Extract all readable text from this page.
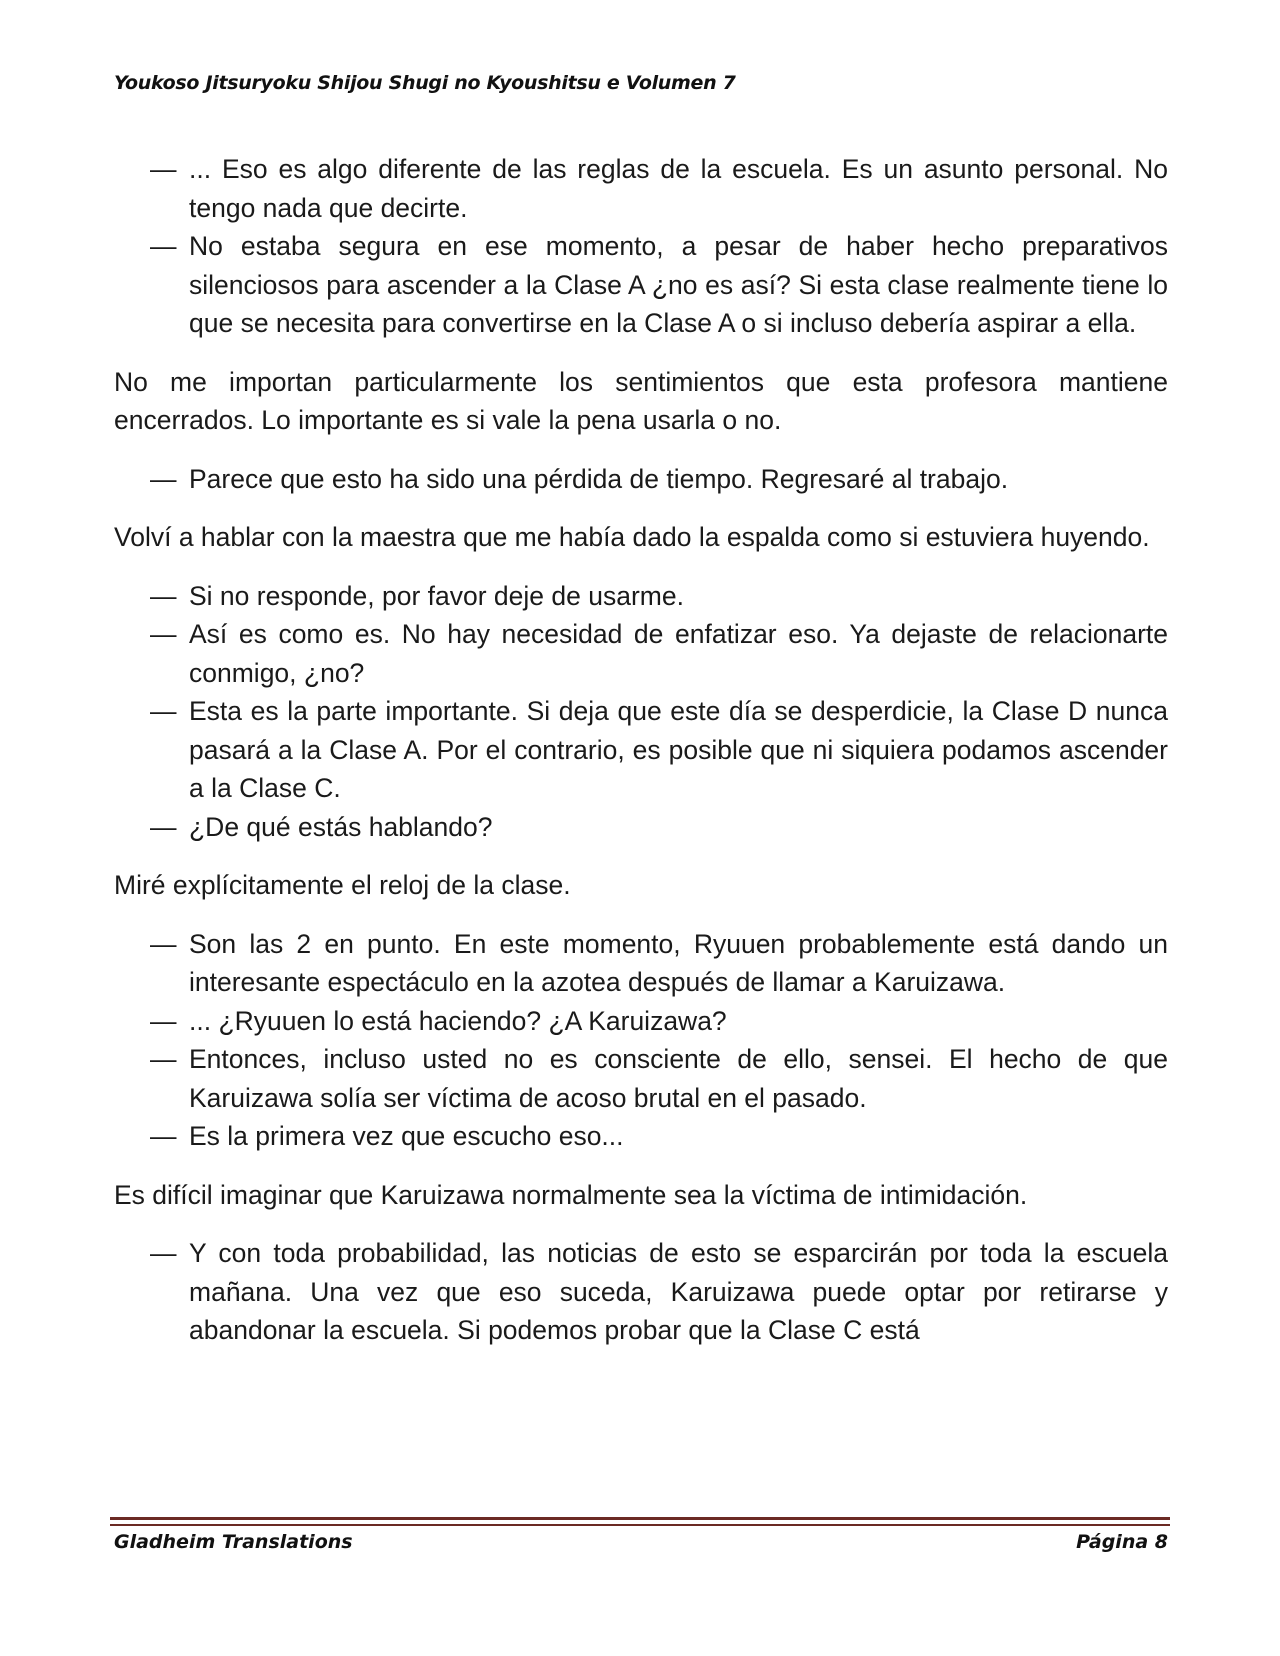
Youkoso Jitsuryoku Shijou Shugi no Kyoushitsu e Volumen 7

— ... Eso es algo diferente de las reglas de la escuela. Es un asunto personal. No tengo nada que decirte.

— No estaba segura en ese momento, a pesar de haber hecho preparativos silenciosos para ascender a la Clase A ¿no es así? Si esta clase realmente tiene lo que se necesita para convertirse en la Clase A o si incluso debería aspirar a ella.

No me importan particularmente los sentimientos que esta profesora mantiene encerrados. Lo importante es si vale la pena usarla o no.

— Parece que esto ha sido una pérdida de tiempo. Regresaré al trabajo.

Volví a hablar con la maestra que me había dado la espalda como si estuviera huyendo.

— Si no responde, por favor deje de usarme.

— Así es como es. No hay necesidad de enfatizar eso. Ya dejaste de relacionarte conmigo, ¿no?

— Esta es la parte importante. Si deja que este día se desperdicie, la Clase D nunca pasará a la Clase A. Por el contrario, es posible que ni siquiera podamos ascender a la Clase C.

— ¿De qué estás hablando?

Miré explícitamente el reloj de la clase.

— Son las 2 en punto. En este momento, Ryuuen probablemente está dando un interesante espectáculo en la azotea después de llamar a Karuizawa.

— ... ¿Ryuuen lo está haciendo? ¿A Karuizawa?

— Entonces, incluso usted no es consciente de ello, sensei. El hecho de que Karuizawa solía ser víctima de acoso brutal en el pasado.

— Es la primera vez que escucho eso...

Es difícil imaginar que Karuizawa normalmente sea la víctima de intimidación.

— Y con toda probabilidad, las noticias de esto se esparcirán por toda la escuela mañana. Una vez que eso suceda, Karuizawa puede optar por retirarse y abandonar la escuela. Si podemos probar que la Clase C está

Gladheim Translations	Página 8
